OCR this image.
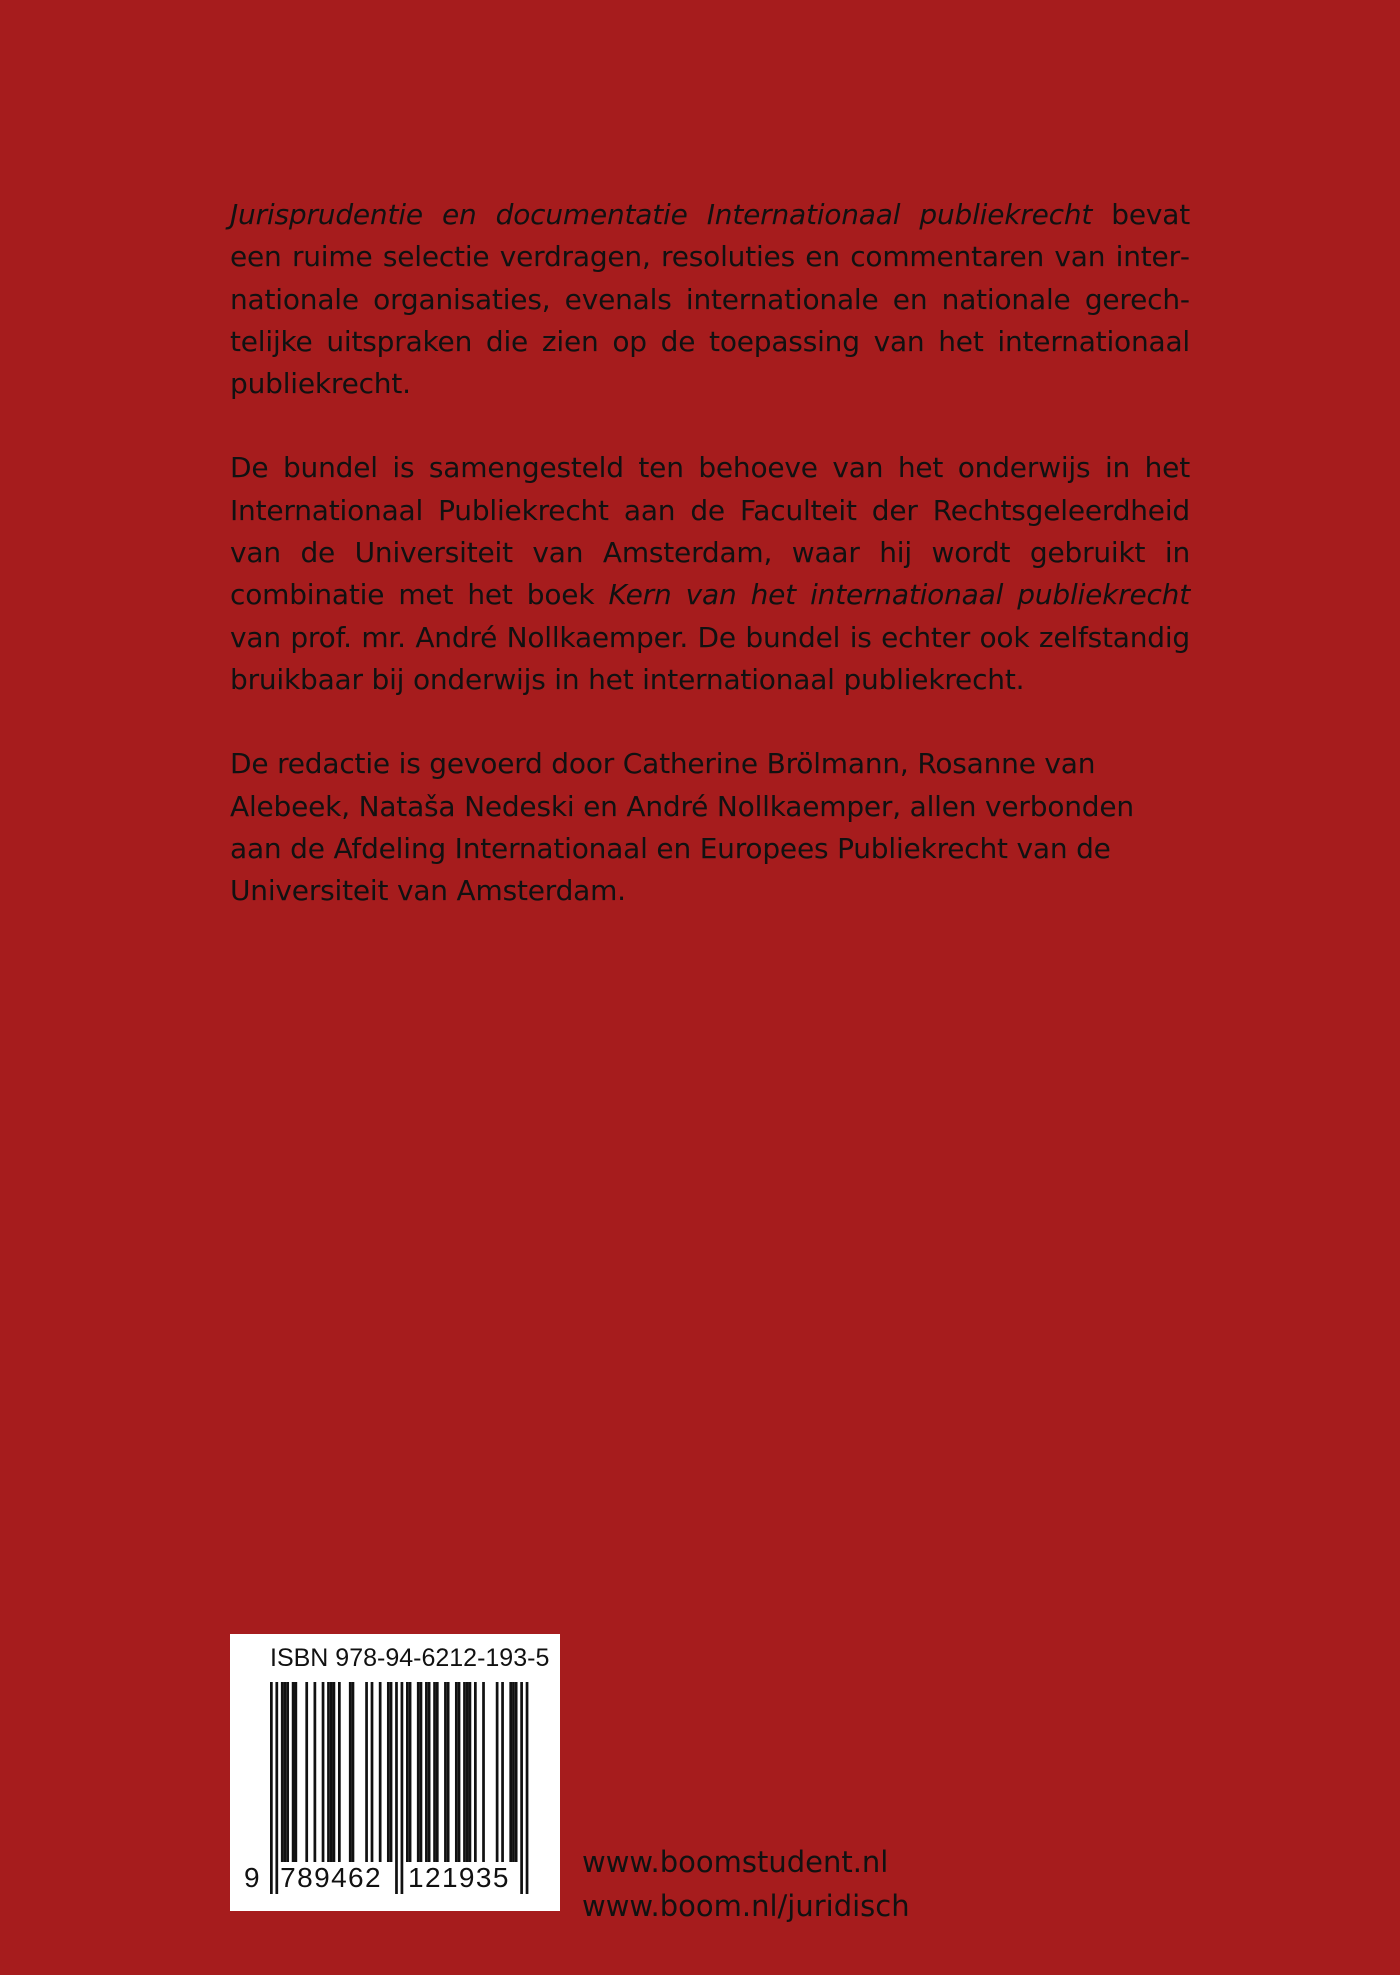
Jurisprudentie en documentatie Internationaal publiekrecht bevat een ruime selectie verdragen, resoluties en commentaren van internationale organisaties, evenals internationale en nationale gerechtelijke uitspraken die zien op de toepassing van het internationaal publiekrecht.

De bundel is samengesteld ten behoeve van het onderwijs in het Internationaal Publiekrecht aan de Faculteit der Rechtsgeleerdheid van de Universiteit van Amsterdam, waar hij wordt gebruikt in combinatie met het boek Kern van het internationaal publiekrecht van prof. mr. André Nollkaemper. De bundel is echter ook zelfstandig bruikbaar bij onderwijs in het internationaal publiekrecht.

De redactie is gevoerd door Catherine Brölmann, Rosanne van Alebeek, Nataša Nedeski en André Nollkaemper, allen verbonden aan de Afdeling Internationaal en Europees Publiekrecht van de Universiteit van Amsterdam.

ISBN 978-94-6212-193-5
9 789462 121935 www.boomstudent.nl
www.boom.nl/juridisch
